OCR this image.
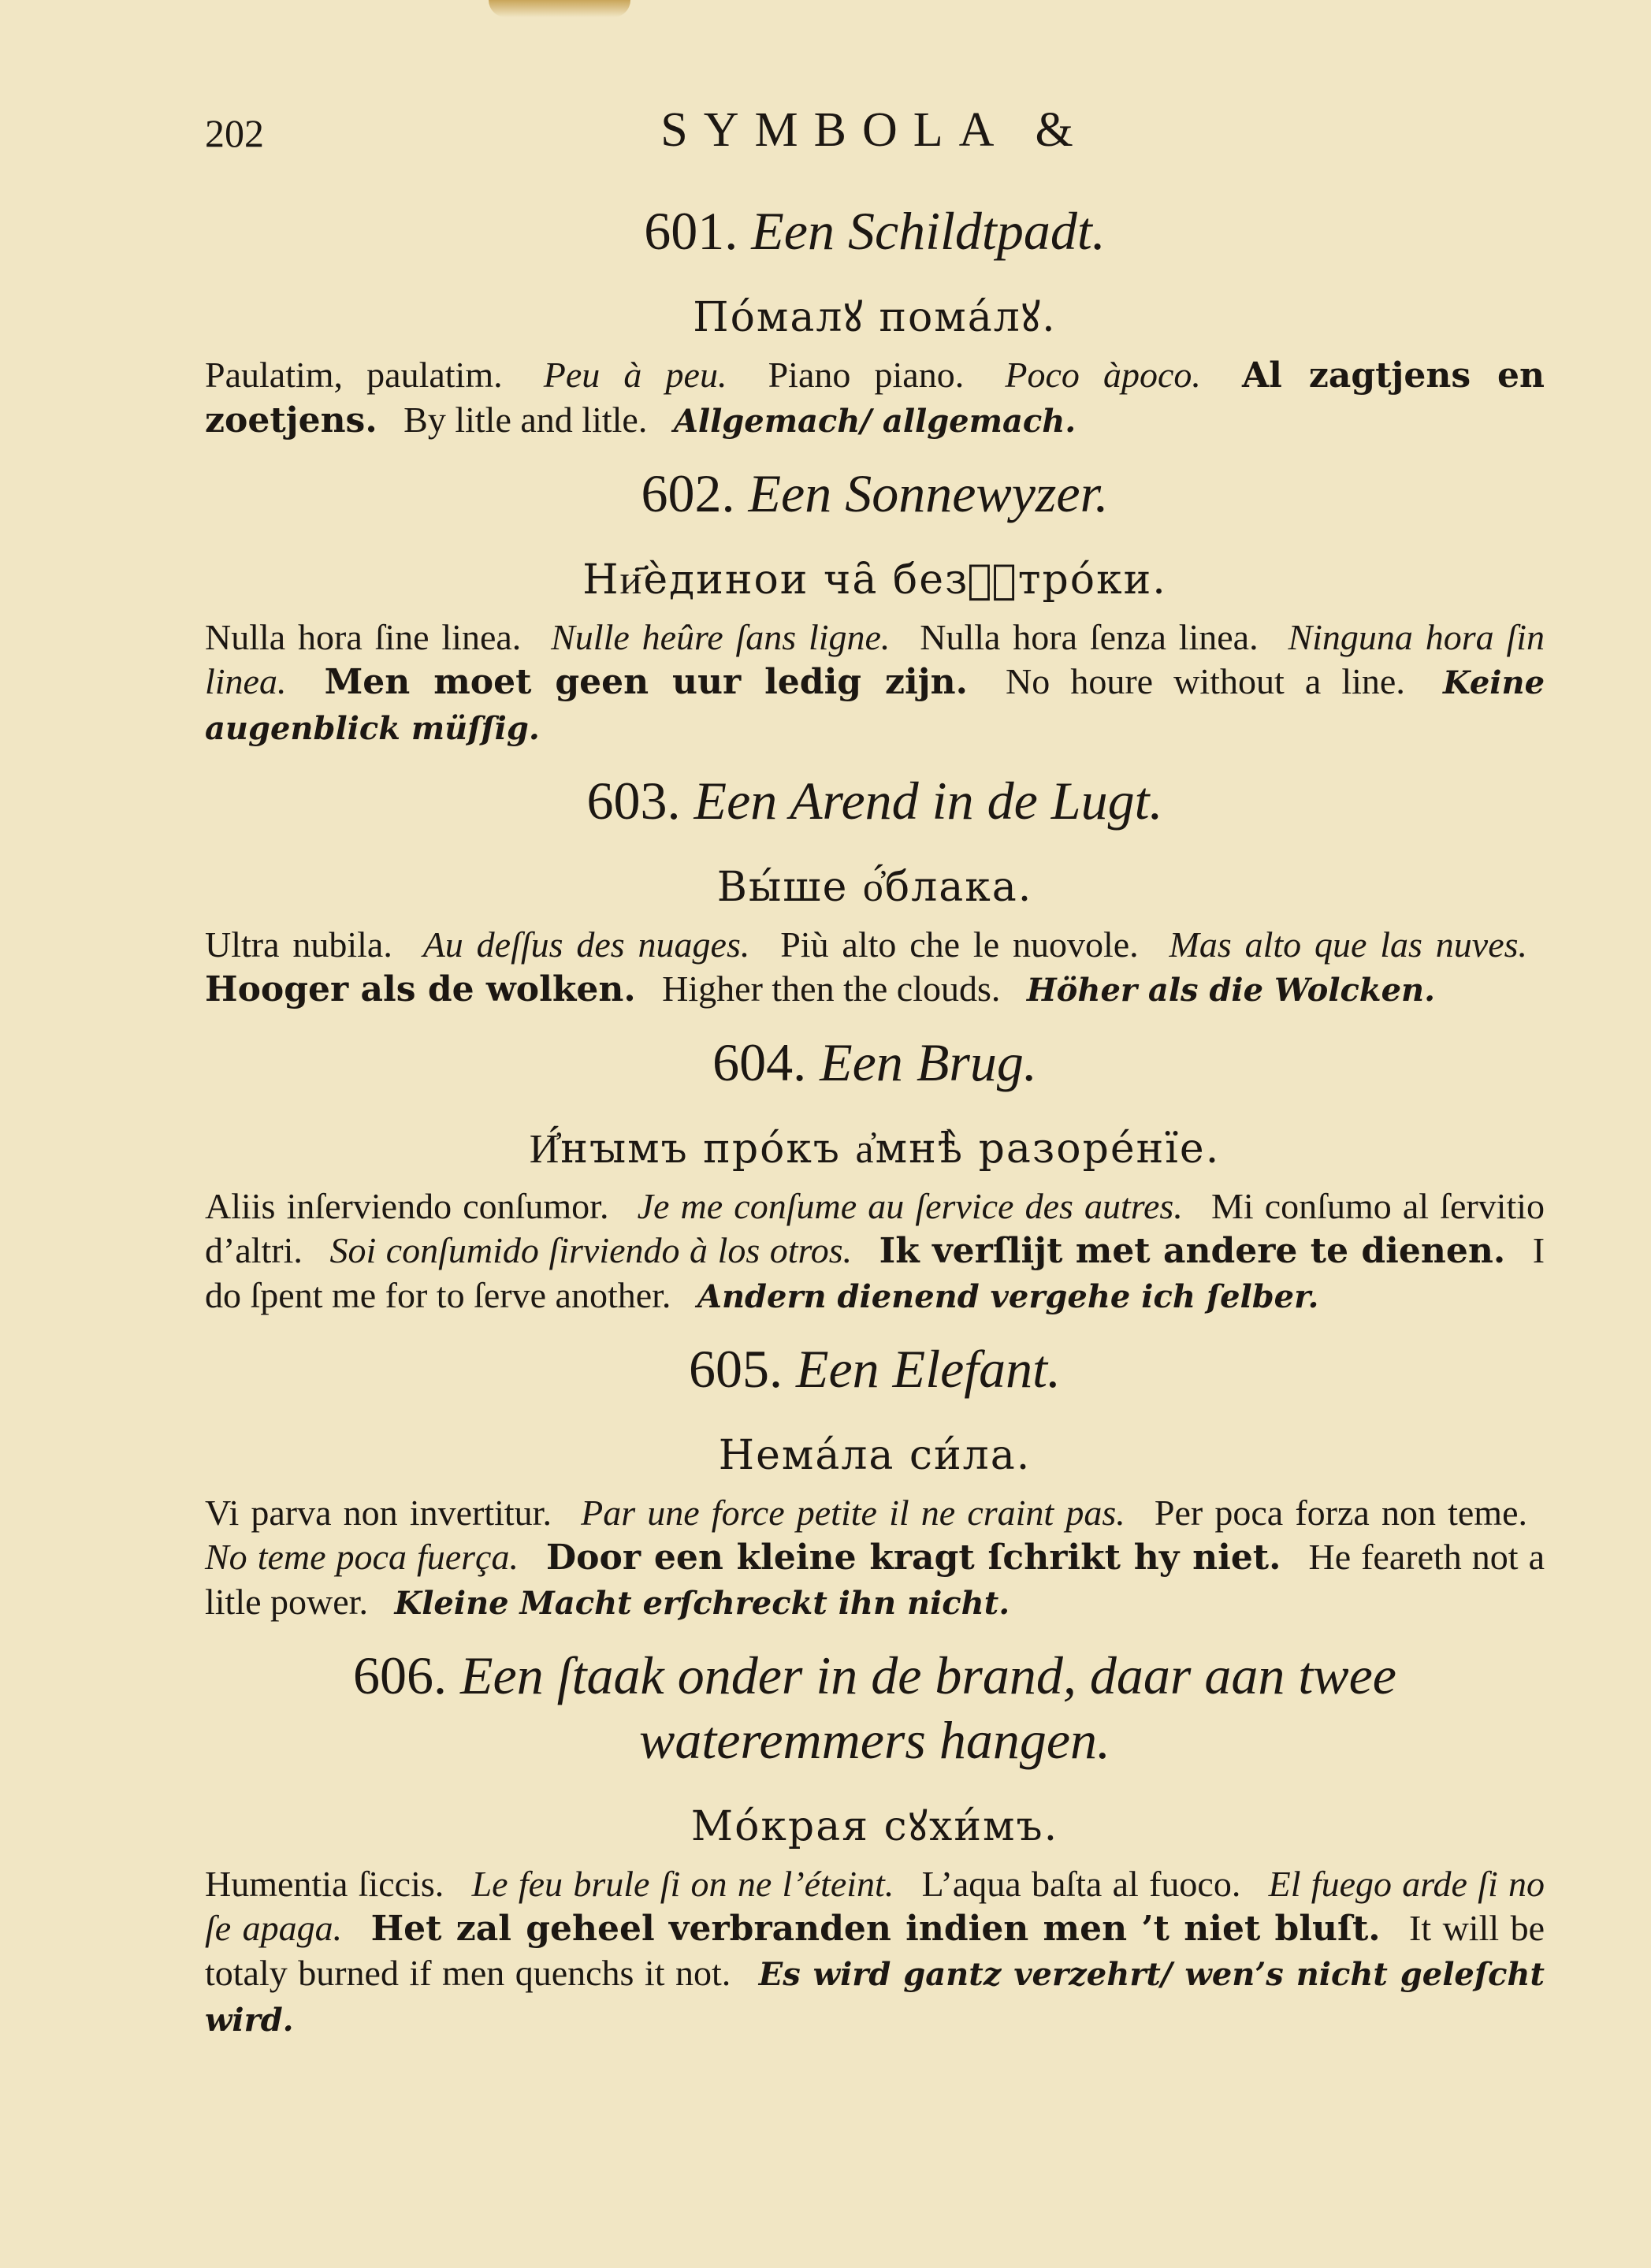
202	SYMBOLA &
601. Een Schildtpadt.
По́малꙋ пома́лꙋ.
Paulatim, paulatim. Peu à peu. Piano piano. Poco àpoco. Al zagtjens en zoetjens. By litle and litle. Allgemach/ allgemach.
602. Een Sonnewyzer.
Ни҃ѐдинои ча̑ безⷭ҇тро́ки.
Nulla hora ſine linea. Nulle heûre ſans ligne. Nulla hora ſenza linea. Ninguna hora ſin linea. Men moet geen uur ledig zijn. No houre without a line. Keine augenblick müſſig.
603. Een Arend in de Lugt.
Вы́ше о҆́блака.
Ultra nubila. Au deſſus des nuages. Più alto che le nuovole. Mas alto que las nuves. Hooger als de wolken. Higher then the clouds. Höher als die Wolcken.
604. Een Brug.
И҆́нꙑмъ про́къ а҆мнѣ̀ разоре́нїе.
Aliis inſerviendo conſumor. Je me conſume au ſervice des autres. Mi conſumo al ſervitio d’altri. Soi conſumido ſirviendo à los otros. Ik verſlijt met andere te dienen. I do ſpent me for to ſerve another. Andern dienend vergehe ich ſelber.
605. Een Elefant.
Нема́ла си́ла.
Vi parva non invertitur. Par une force petite il ne craint pas. Per poca forza non teme. No teme poca fuerça. Door een kleine kragt ſchrikt hy niet. He feareth not a litle power. Kleine Macht erſchreckt ihn nicht.
606. Een ſtaak onder in de brand, daar aan twee wateremmers hangen.
Мо́края сꙋхи́мъ.
Humentia ſiccis. Le feu brule ſi on ne l’éteint. L’aqua baſta al fuoco. El fuego arde ſi no ſe apaga. Het zal geheel verbranden indien men ’t niet bluſt. It will be totaly burned if men quenchs it not. Es wird gantz verzehrt/ wen’s nicht geleſcht wird.
